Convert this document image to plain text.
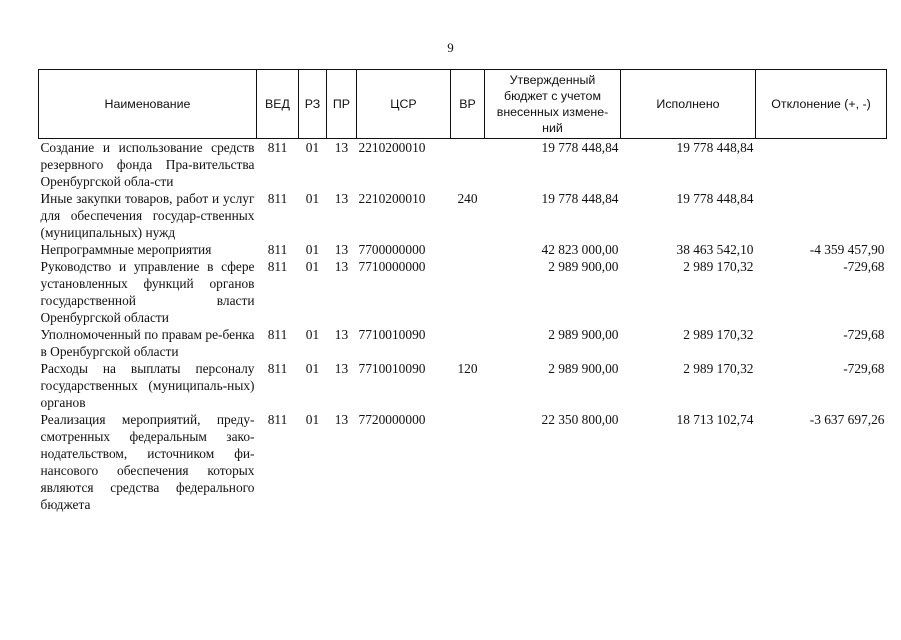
9
Наименование	ВЕД	РЗ	ПР	ЦСР	ВР	Утвержденный бюджет с учетом внесенных измене-ний	Исполнено	Отклонение (+, -)
Создание и использование средств резервного фонда Пра-вительства Оренбургской обла-сти	811	01	13	2210200010		19 778 448,84	19 778 448,84	
Иные закупки товаров, работ и услуг для обеспечения государ-ственных (муниципальных) нужд	811	01	13	2210200010	240	19 778 448,84	19 778 448,84	
Непрограммные мероприятия	811	01	13	7700000000		42 823 000,00	38 463 542,10	-4 359 457,90
Руководство и управление в сфере установленных функций органов государственной власти Оренбургской области	811	01	13	7710000000		2 989 900,00	2 989 170,32	-729,68
Уполномоченный по правам ре-бенка в Оренбургской области	811	01	13	7710010090		2 989 900,00	2 989 170,32	-729,68
Расходы на выплаты персоналу государственных (муниципаль-ных) органов	811	01	13	7710010090	120	2 989 900,00	2 989 170,32	-729,68
Реализация мероприятий, преду-смотренных федеральным зако-нодательством, источником фи-нансового обеспечения которых являются средства федерального бюджета	811	01	13	7720000000		22 350 800,00	18 713 102,74	-3 637 697,26
